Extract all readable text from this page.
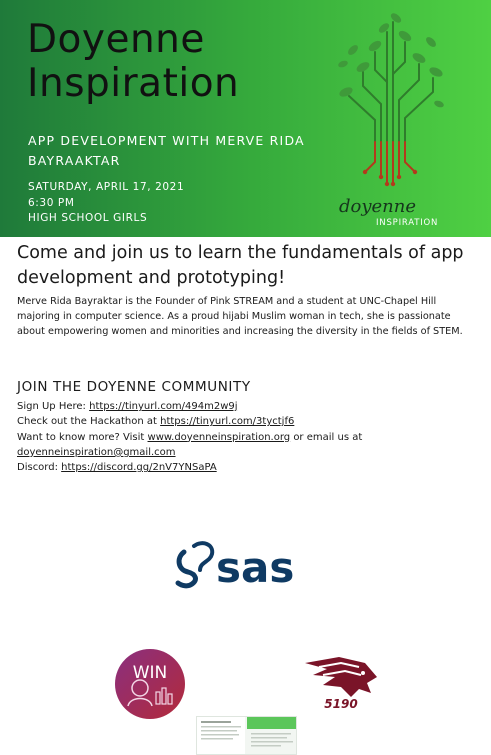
Doyenne
Inspiration

APP DEVELOPMENT WITH MERVE RIDA BAYRAAKTAR

SATURDAY, APRIL 17, 2021
6:30 PM
HIGH SCHOOL GIRLS
doyenne
INSPIRATION

Come and join us to learn the fundamentals of app development and prototyping!

Merve Rida Bayraktar is the Founder of Pink STREAM and a student at UNC-Chapel Hill majoring in computer science. As a proud hijabi Muslim woman in tech, she is passionate about empowering women and minorities and increasing the diversity in the fields of STEM.

JOIN THE DOYENNE COMMUNITY
Sign Up Here: https://tinyurl.com/494m2w9j
Check out the Hackathon at https://tinyurl.com/3tyctjf6
Want to know more? Visit www.doyenneinspiration.org or email us at
doyenneinspiration@gmail.com
Discord: https://discord.gg/2nV7YNSaPA
sas
WIN
5190
